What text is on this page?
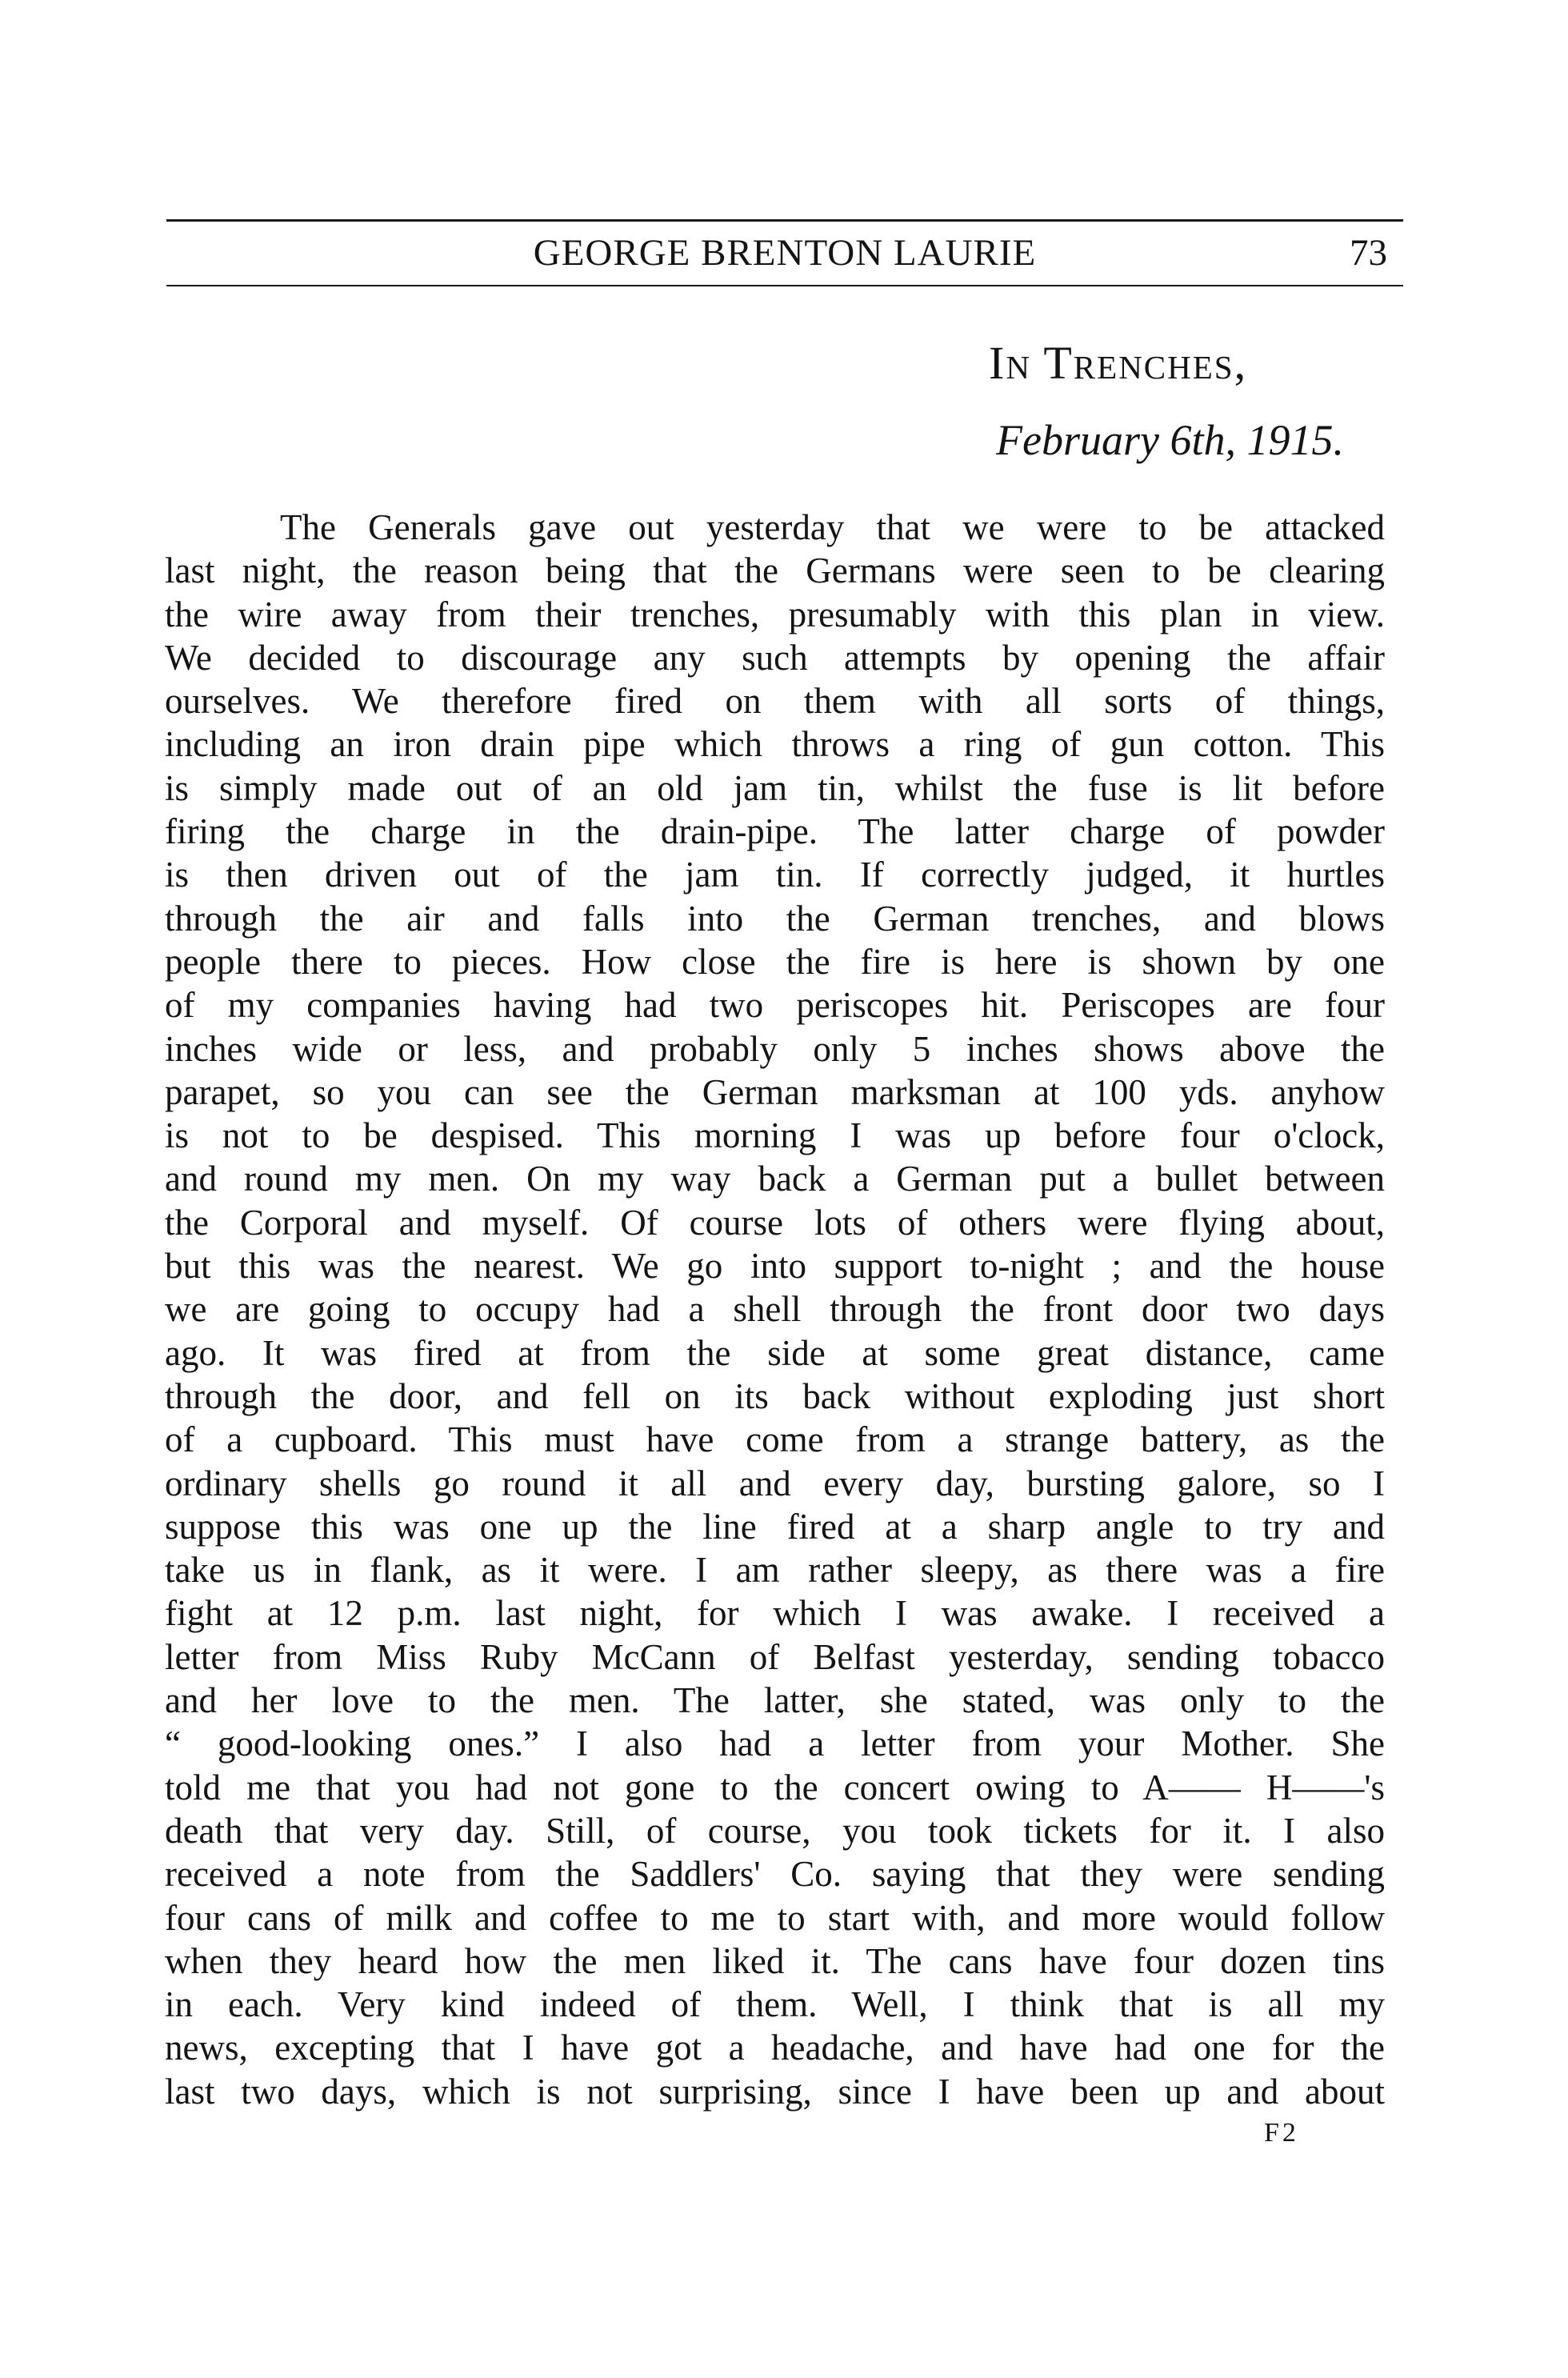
GEORGE BRENTON LAURIE	73
In Trenches,
February 6th, 1915.
The Generals gave out yesterday that we were to be attacked
last night, the reason being that the Germans were seen to be clearing
the wire away from their trenches, presumably with this plan in view.
We decided to discourage any such attempts by opening the affair
ourselves. We therefore fired on them with all sorts of things,
including an iron drain pipe which throws a ring of gun cotton. This
is simply made out of an old jam tin, whilst the fuse is lit before
firing the charge in the drain-pipe. The latter charge of powder
is then driven out of the jam tin. If correctly judged, it hurtles
through the air and falls into the German trenches, and blows
people there to pieces. How close the fire is here is shown by one
of my companies having had two periscopes hit. Periscopes are four
inches wide or less, and probably only 5 inches shows above the
parapet, so you can see the German marksman at 100 yds. anyhow
is not to be despised. This morning I was up before four o'clock,
and round my men. On my way back a German put a bullet between
the Corporal and myself. Of course lots of others were flying about,
but this was the nearest. We go into support to-night ; and the house
we are going to occupy had a shell through the front door two days
ago. It was fired at from the side at some great distance, came
through the door, and fell on its back without exploding just short
of a cupboard. This must have come from a strange battery, as the
ordinary shells go round it all and every day, bursting galore, so I
suppose this was one up the line fired at a sharp angle to try and
take us in flank, as it were. I am rather sleepy, as there was a fire
fight at 12 p.m. last night, for which I was awake. I received a
letter from Miss Ruby McCann of Belfast yesterday, sending tobacco
and her love to the men. The latter, she stated, was only to the
“ good-looking ones.” I also had a letter from your Mother. She
told me that you had not gone to the concert owing to A—— H——'s
death that very day. Still, of course, you took tickets for it. I also
received a note from the Saddlers' Co. saying that they were sending
four cans of milk and coffee to me to start with, and more would follow
when they heard how the men liked it. The cans have four dozen tins
in each. Very kind indeed of them. Well, I think that is all my
news, excepting that I have got a headache, and have had one for the
last two days, which is not surprising, since I have been up and about
F2
